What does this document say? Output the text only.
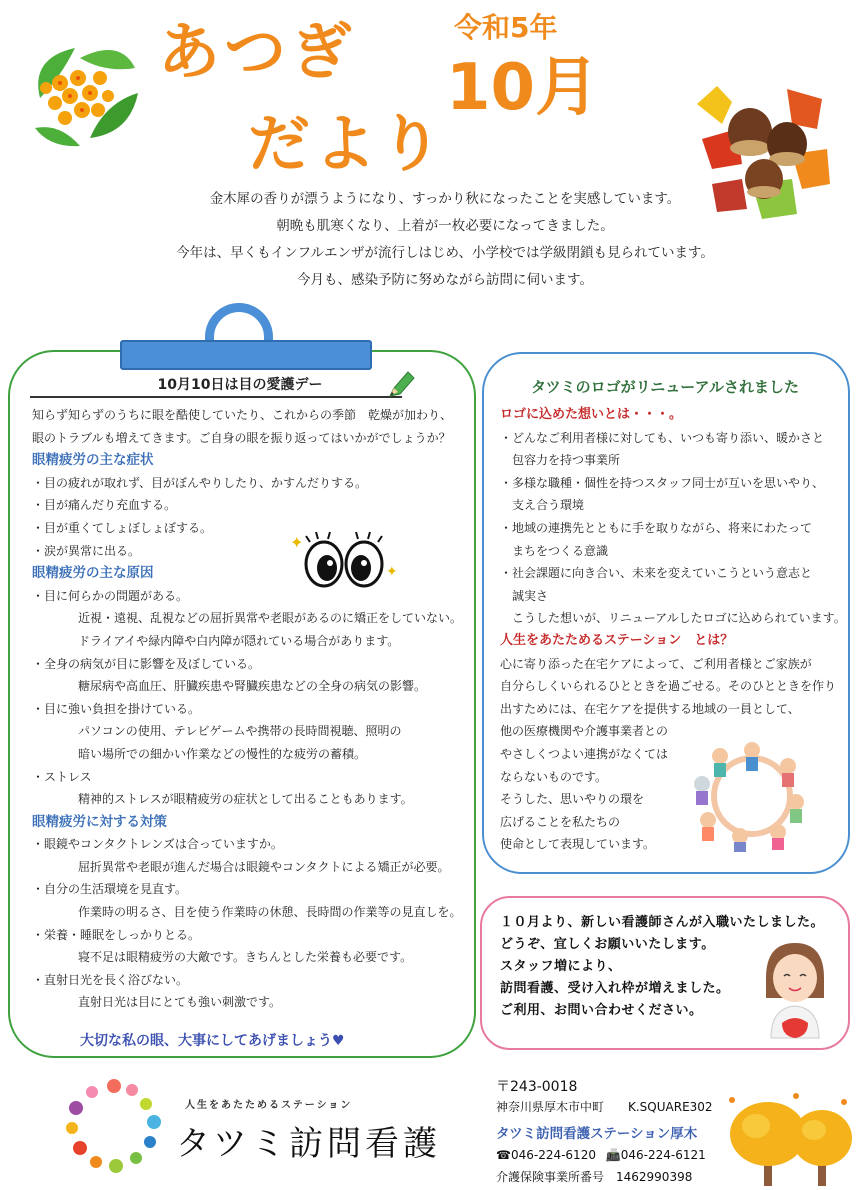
あつぎ
だより
令和5年
10月
金木犀の香りが漂うようになり、すっかり秋になったことを実感しています。
朝晩も肌寒くなり、上着が一枚必要になってきました。
今年は、早くもインフルエンザが流行しはじめ、小学校では学級閉鎖も見られています。
今月も、感染予防に努めながら訪問に伺います。
10月10日は目の愛護デー
知らず知らずのうちに眼を酷使していたり、これからの季節　乾燥が加わり、
眼のトラブルも増えてきます。ご自身の眼を振り返ってはいかがでしょうか？
眼精疲労の主な症状
・目の疲れが取れず、目がぼんやりしたり、かすんだりする。
・目が痛んだり充血する。
・目が重くてしょぼしょぼする。
・涙が異常に出る。
眼精疲労の主な原因
・目に何らかの問題がある。
近視・遠視、乱視などの屈折異常や老眼があるのに矯正をしていない。
ドライアイや緑内障や白内障が隠れている場合があります。
・全身の病気が目に影響を及ぼしている。
糖尿病や高血圧、肝臓疾患や腎臓疾患などの全身の病気の影響。
・目に強い負担を掛けている。
パソコンの使用、テレビゲームや携帯の長時間視聴、照明の
暗い場所での細かい作業などの慢性的な疲労の蓄積。
・ストレス
精神的ストレスが眼精疲労の症状として出ることもあります。
眼精疲労に対する対策
・眼鏡やコンタクトレンズは合っていますか。
屈折異常や老眼が進んだ場合は眼鏡やコンタクトによる矯正が必要。
・自分の生活環境を見直す。
作業時の明るさ、目を使う作業時の休憩、長時間の作業等の見直しを。
・栄養・睡眠をしっかりとる。
寝不足は眼精疲労の大敵です。きちんとした栄養も必要です。
・直射日光を長く浴びない。
直射日光は目にとても強い刺激です。
大切な私の眼、大事にしてあげましょう♥
✦
✦
タツミのロゴがリニューアルされました
ロゴに込めた想いとは・・・。
・どんなご利用者様に対しても、いつも寄り添い、暖かさと
　包容力を持つ事業所
・多様な職種・個性を持つスタッフ同士が互いを思いやり、
　支え合う環境
・地域の連携先とともに手を取りながら、将来にわたって
　まちをつくる意識
・社会課題に向き合い、未来を変えていこうという意志と
　誠実さ
　こうした想いが、リニューアルしたロゴに込められています。
人生をあたためるステーション　とは？
心に寄り添った在宅ケアによって、ご利用者様とご家族が
自分らしくいられるひとときを過ごせる。そのひとときを作り
出すためには、在宅ケアを提供する地域の一員として、
他の医療機関や介護事業者との
やさしくつよい連携がなくては
ならないものです。
そうした、思いやりの環を
広げることを私たちの
使命として表現しています。
１０月より、新しい看護師さんが入職いたしました。
どうぞ、宜しくお願いいたします。
スタッフ増により、
訪問看護、受け入れ枠が増えました。
ご利用、お問い合わせください。
人生をあたためるステーション
タツミ訪問看護
〒243-0018
神奈川県厚木市中町　　K.SQUARE302
タツミ訪問看護ステーション厚木
☎046-224-6120 📠046-224-6121
介護保険事業所番号　1462990398
